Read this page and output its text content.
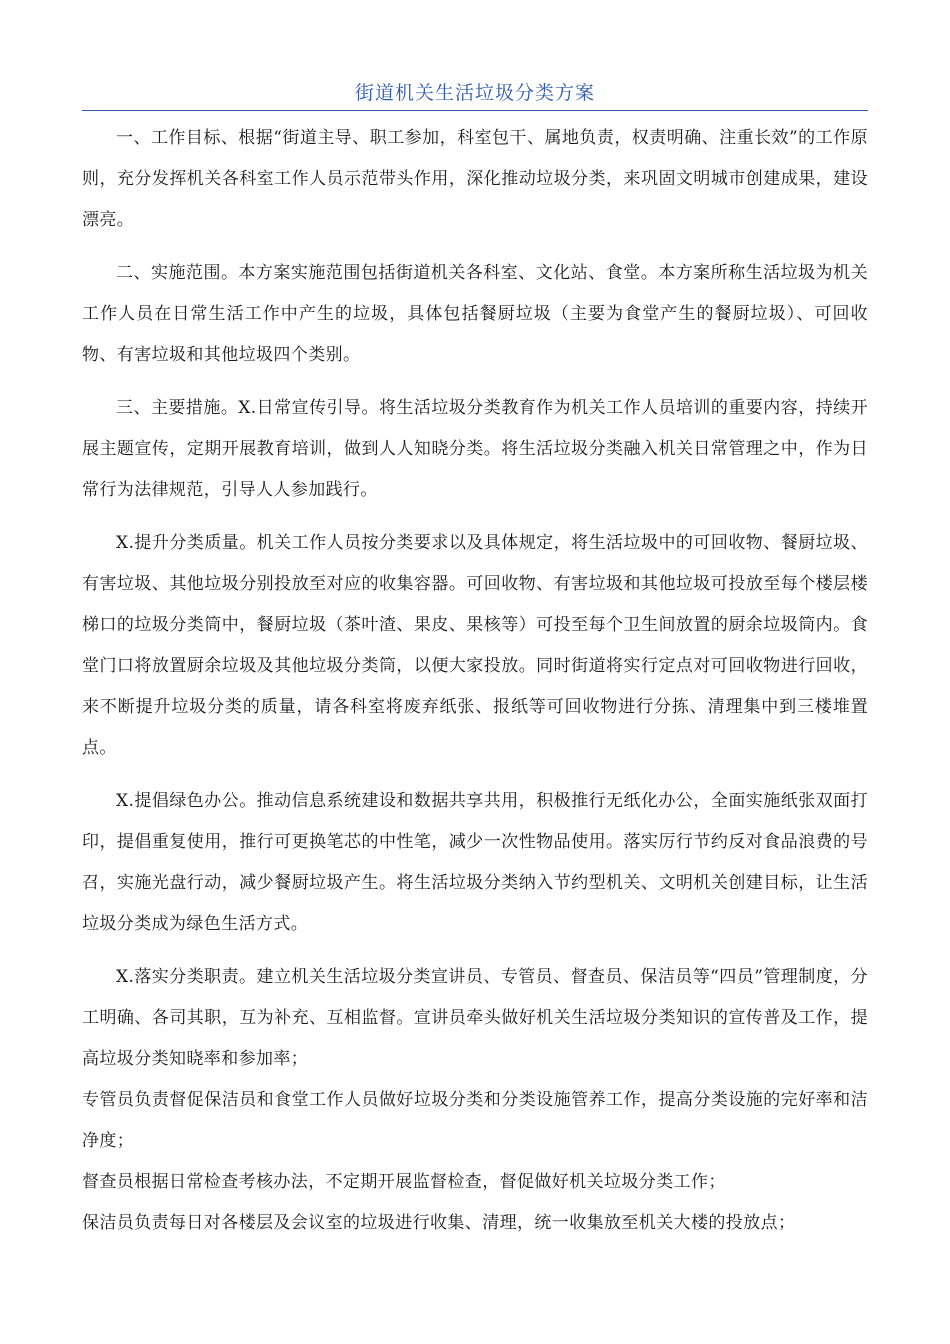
街道机关生活垃圾分类方案

一、工作目标、根据“街道主导、职工参加，科室包干、属地负责，权责明确、注重长效”的工作原则，充分发挥机关各科室工作人员示范带头作用，深化推动垃圾分类，来巩固文明城市创建成果，建设漂亮。

二、实施范围。本方案实施范围包括街道机关各科室、文化站、食堂。本方案所称生活垃圾为机关工作人员在日常生活工作中产生的垃圾，具体包括餐厨垃圾（主要为食堂产生的餐厨垃圾）、可回收物、有害垃圾和其他垃圾四个类别。

三、主要措施。X.日常宣传引导。将生活垃圾分类教育作为机关工作人员培训的重要内容，持续开展主题宣传，定期开展教育培训，做到人人知晓分类。将生活垃圾分类融入机关日常管理之中，作为日常行为法律规范，引导人人参加践行。

X.提升分类质量。机关工作人员按分类要求以及具体规定，将生活垃圾中的可回收物、餐厨垃圾、有害垃圾、其他垃圾分别投放至对应的收集容器。可回收物、有害垃圾和其他垃圾可投放至每个楼层楼梯口的垃圾分类筒中，餐厨垃圾（茶叶渣、果皮、果核等）可投至每个卫生间放置的厨余垃圾筒内。食堂门口将放置厨余垃圾及其他垃圾分类筒，以便大家投放。同时街道将实行定点对可回收物进行回收，来不断提升垃圾分类的质量，请各科室将废弃纸张、报纸等可回收物进行分拣、清理集中到三楼堆置点。

X.提倡绿色办公。推动信息系统建设和数据共享共用，积极推行无纸化办公，全面实施纸张双面打印，提倡重复使用，推行可更换笔芯的中性笔，减少一次性物品使用。落实厉行节约反对食品浪费的号召，实施光盘行动，减少餐厨垃圾产生。将生活垃圾分类纳入节约型机关、文明机关创建目标，让生活垃圾分类成为绿色生活方式。

X.落实分类职责。建立机关生活垃圾分类宣讲员、专管员、督查员、保洁员等“四员”管理制度，分工明确、各司其职，互为补充、互相监督。宣讲员牵头做好机关生活垃圾分类知识的宣传普及工作，提高垃圾分类知晓率和参加率；

专管员负责督促保洁员和食堂工作人员做好垃圾分类和分类设施管养工作，提高分类设施的完好率和洁净度；

督查员根据日常检查考核办法，不定期开展监督检查，督促做好机关垃圾分类工作；

保洁员负责每日对各楼层及会议室的垃圾进行收集、清理，统一收集放至机关大楼的投放点；
